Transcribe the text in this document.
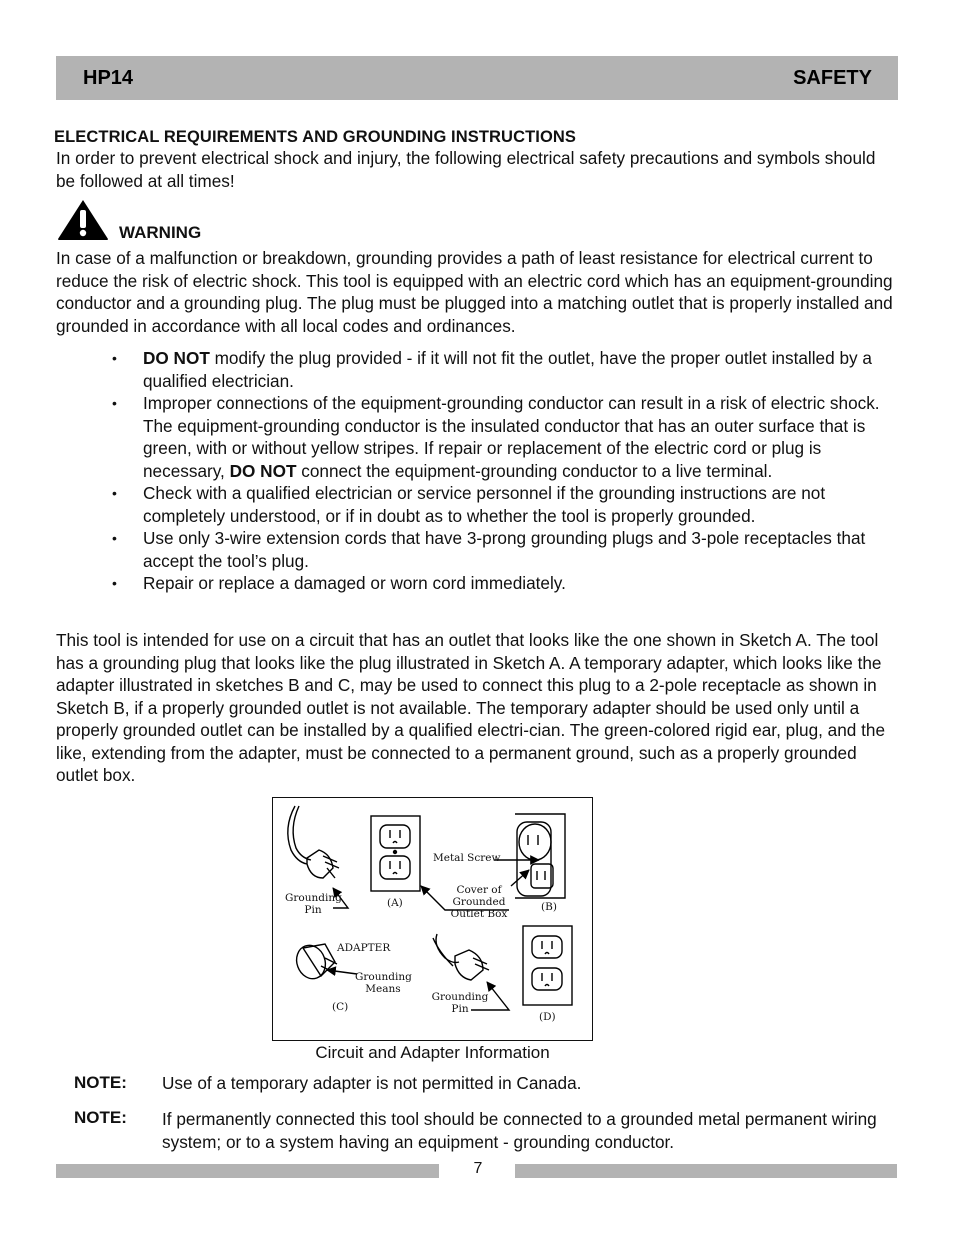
HP14	SAFETY
ELECTRICAL REQUIREMENTS AND GROUNDING INSTRUCTIONS

In order to prevent electrical shock and injury, the following electrical safety precautions and symbols should be followed at all times!

WARNING

In case of a malfunction or breakdown, grounding provides a path of least resistance for electrical current to reduce the risk of electric shock. This tool is equipped with an electric cord which has an equipment-grounding conductor and a grounding plug. The plug must be plugged into a matching outlet that is properly installed and grounded in accordance with all local codes and ordinances.

• DO NOT modify the plug provided - if it will not fit the outlet, have the proper outlet installed by a qualified electrician.
• Improper connections of the equipment-grounding conductor can result in a risk of electric shock. The equipment-grounding conductor is the insulated conductor that has an outer surface that is green, with or without yellow stripes. If repair or replacement of the electric cord or plug is necessary, DO NOT connect the equipment-grounding conductor to a live terminal.
• Check with a qualified electrician or service personnel if the grounding instructions are not completely understood, or if in doubt as to whether the tool is properly grounded.
• Use only 3-wire extension cords that have 3-prong grounding plugs and 3-pole receptacles that accept the tool’s plug.
• Repair or replace a damaged or worn cord immediately.

This tool is intended for use on a circuit that has an outlet that looks like the one shown in Sketch A. The tool has a grounding plug that looks like the plug illustrated in Sketch A. A temporary adapter, which looks like the adapter illustrated in sketches B and C, may be used to connect this plug to a 2-pole receptacle as shown in Sketch B, if a properly grounded outlet is not available. The temporary adapter should be used only until a properly grounded outlet can be installed by a qualified electri-cian. The green-colored rigid ear, plug, and the like, extending from the adapter, must be connected to a permanent ground, such as a properly grounded outlet box.

Grounding
Pin
(A)
Metal Screw
Cover of
Grounded
Outlet Box
(B)
ADAPTER
Grounding
Means
(C)
Grounding
Pin
(D)
Circuit and Adapter Information
NOTE: Use of a temporary adapter is not permitted in Canada.
NOTE: If permanently connected this tool should be connected to a grounded metal permanent wiring system; or to a system having an equipment - grounding conductor.
7
